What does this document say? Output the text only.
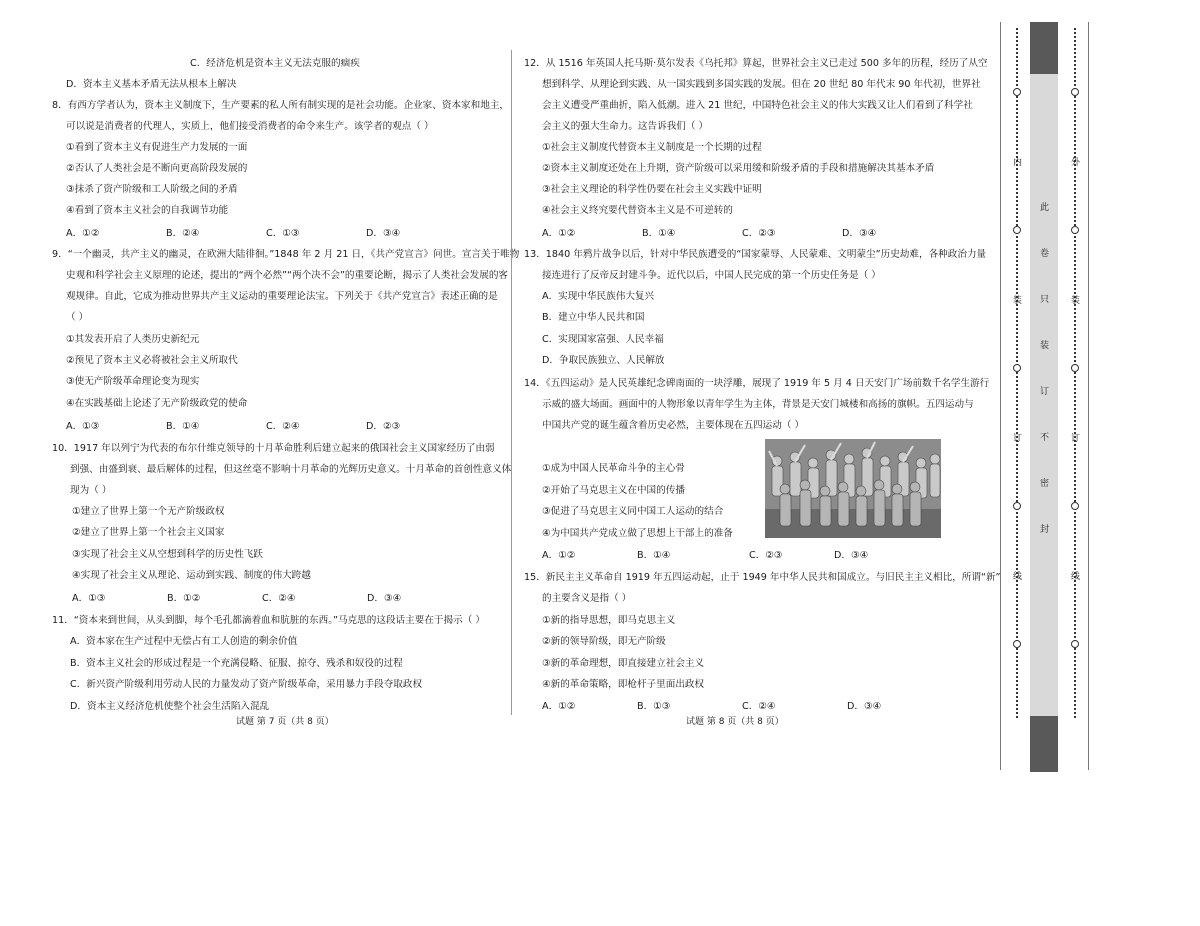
C．经济危机是资本主义无法克服的痼疾
D．资本主义基本矛盾无法从根本上解决
8．有西方学者认为，资本主义制度下，生产要素的私人所有制实现的是社会功能。企业家、资本家和地主，
可以说是消费者的代理人，实质上，他们接受消费者的命令来生产。该学者的观点（ ）
①看到了资本主义有促进生产力发展的一面
②否认了人类社会是不断向更高阶段发展的
③抹杀了资产阶级和工人阶级之间的矛盾
④看到了资本主义社会的自我调节功能
A．①②	B．②④	C．①③	D．③④
9．“一个幽灵，共产主义的幽灵，在欧洲大陆徘徊。”1848 年 2 月 21 日，《共产党宣言》问世。宣言关于唯物
史观和科学社会主义原理的论述，提出的“两个必然”“两个决不会”的重要论断，揭示了人类社会发展的客
观规律。自此，它成为推动世界共产主义运动的重要理论法宝。下列关于《共产党宣言》表述正确的是
（ ）
①其发表开启了人类历史新纪元
②预见了资本主义必将被社会主义所取代
③使无产阶级革命理论变为现实
④在实践基础上论述了无产阶级政党的使命
A．①③	B．①④	C．②④	D．②③
10．1917 年以列宁为代表的布尔什维克领导的十月革命胜利后建立起来的俄国社会主义国家经历了由弱
到强、由盛到衰、最后解体的过程，但这丝毫不影响十月革命的光辉历史意义。十月革命的首创性意义体
现为（ ）
①建立了世界上第一个无产阶级政权
②建立了世界上第一个社会主义国家
③实现了社会主义从空想到科学的历史性飞跃
④实现了社会主义从理论、运动到实践、制度的伟大跨越
A．①③	B．①②	C．②④	D．③④
11．“资本来到世间，从头到脚，每个毛孔都滴着血和肮脏的东西。”马克思的这段话主要在于揭示（ ）
A．资本家在生产过程中无偿占有工人创造的剩余价值
B．资本主义社会的形成过程是一个充满侵略、征服、掠夺、残杀和奴役的过程
C．新兴资产阶级利用劳动人民的力量发动了资产阶级革命，采用暴力手段夺取政权
D．资本主义经济危机使整个社会生活陷入混乱
试题 第 7 页（共 8 页）
12．从 1516 年英国人托马斯·莫尔发表《乌托邦》算起，世界社会主义已走过 500 多年的历程，经历了从空
想到科学、从理论到实践、从一国实践到多国实践的发展。但在 20 世纪 80 年代末 90 年代初，世界社
会主义遭受严重曲折，陷入低潮。进入 21 世纪，中国特色社会主义的伟大实践又让人们看到了科学社
会主义的强大生命力。这告诉我们（ ）
①社会主义制度代替资本主义制度是一个长期的过程
②资本主义制度还处在上升期，资产阶级可以采用缓和阶级矛盾的手段和措施解决其基本矛盾
③社会主义理论的科学性仍要在社会主义实践中证明
④社会主义终究要代替资本主义是不可逆转的
A．①②	B．①④	C．②③	D．③④
13．1840 年鸦片战争以后，针对中华民族遭受的“国家蒙辱、人民蒙难、文明蒙尘”历史劫难，各种政治力量
接连进行了反帝反封建斗争。近代以后，中国人民完成的第一个历史任务是（ ）
A．实现中华民族伟大复兴
B．建立中华人民共和国
C．实现国家富强、人民幸福
D．争取民族独立、人民解放
14．《五四运动》是人民英雄纪念碑南面的一块浮雕，展现了 1919 年 5 月 4 日天安门广场前数千名学生游行
示威的盛大场面。画面中的人物形象以青年学生为主体，背景是天安门城楼和高扬的旗帜。五四运动与
中国共产党的诞生蕴含着历史必然，主要体现在五四运动（ ）
①成为中国人民革命斗争的主心骨
②开始了马克思主义在中国的传播
③促进了马克思主义同中国工人运动的结合
④为中国共产党成立做了思想上干部上的准备
A．①②	B．①④	C．②③	D．③④
15．新民主主义革命自 1919 年五四运动起，止于 1949 年中华人民共和国成立。与旧民主主义相比，所谓“新”
的主要含义是指（ ）
①新的指导思想，即马克思主义
②新的领导阶级，即无产阶级
③新的革命理想，即直接建立社会主义
④新的革命策略，即枪杆子里面出政权
A．①②	B．①③	C．②④	D．③④
试题 第 8 页（共 8 页）
内
装
订
线
外
装
订
线
此
卷
只
装
订
不
密
封
